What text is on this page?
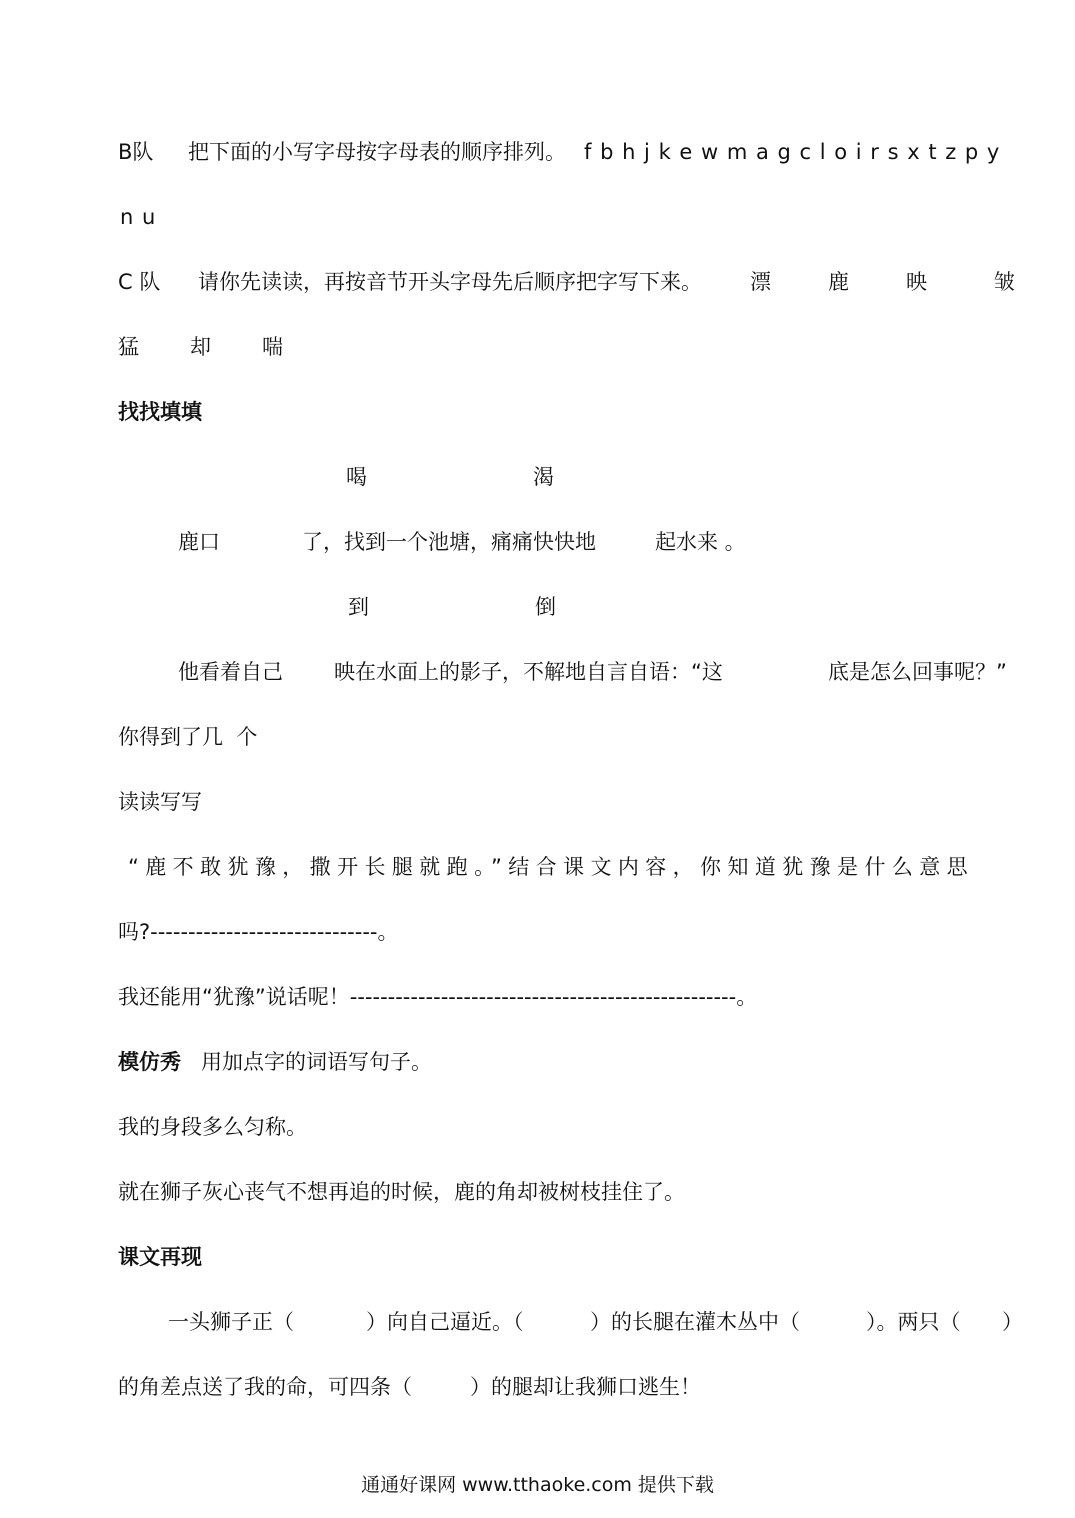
B队 把下面的小写字母按字母表的顺序排列。 f b h j k e w m a g c l o i r s x t z p y
n u
C 队 请你先读读，再按音节开头字母先后顺序把字写下来。 漂	鹿	映	皱
猛 却 喘
找找填填
喝	渴
鹿口	了，找到一个池塘，痛痛快快地	起水来 。
到	倒
他看着自己 映在水面上的影子，不解地自言自语：“这	底是怎么回事呢？”
你得到了几  个
读读写写
“鹿不敢犹豫，撒开长腿就跑。”结合课文内容，你知道犹豫是什么意思
吗?------------------------------。
我还能用“犹豫”说话呢！---------------------------------------------------。
模仿秀 用加点字的词语写句子。
我的身段多么匀称。
就在狮子灰心丧气不想再追的时候，鹿的角却被树枝挂住了。
课文再现
一头狮子正（	）向自己逼近。（	）的长腿在灌木丛中（	）。两只（ ）
的角差点送了我的命，可四条（	）的腿却让我狮口逃生！
通通好课网 www.tthaoke.com 提供下载
